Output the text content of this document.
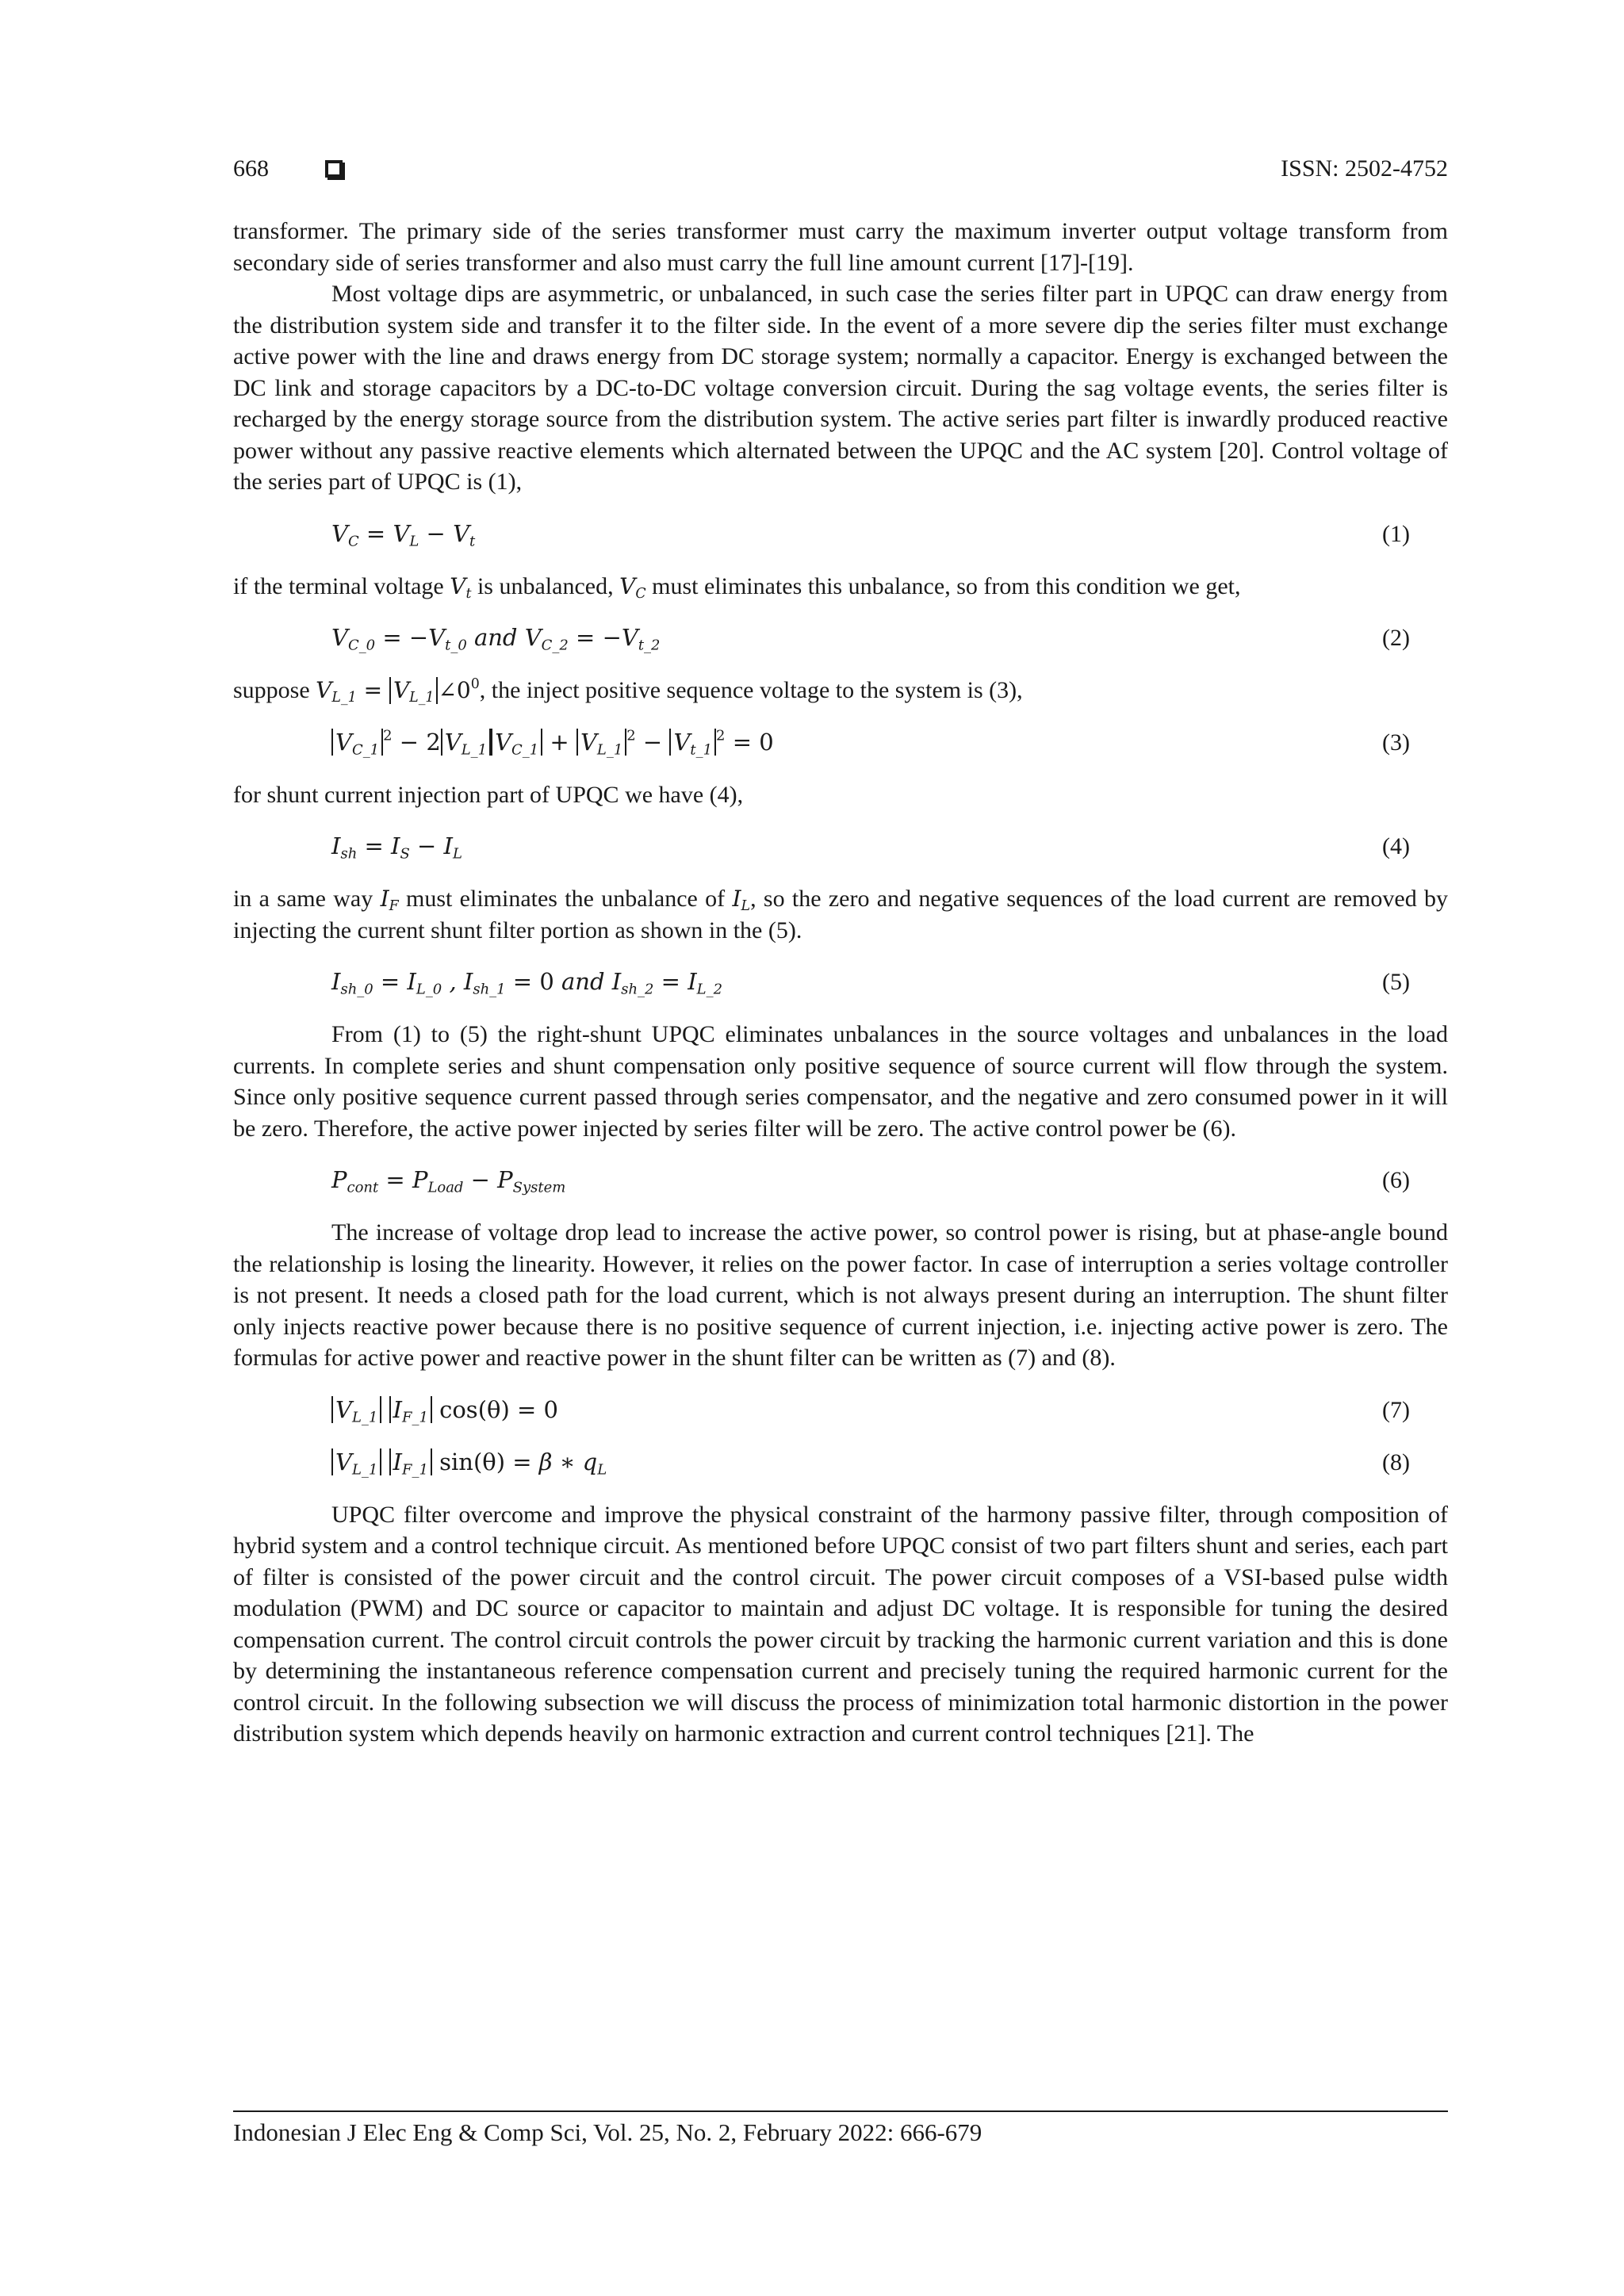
668	ISSN: 2502-4752

transformer. The primary side of the series transformer must carry the maximum inverter output voltage transform from secondary side of series transformer and also must carry the full line amount current [17]-[19].

Most voltage dips are asymmetric, or unbalanced, in such case the series filter part in UPQC can draw energy from the distribution system side and transfer it to the filter side. In the event of a more severe dip the series filter must exchange active power with the line and draws energy from DC storage system; normally a capacitor. Energy is exchanged between the DC link and storage capacitors by a DC-to-DC voltage conversion circuit. During the sag voltage events, the series filter is recharged by the energy storage source from the distribution system. The active series part filter is inwardly produced reactive power without any passive reactive elements which alternated between the UPQC and the AC system [20]. Control voltage of the series part of UPQC is (1),

$V_C = V_L - V_t$	(1)

if the terminal voltage $V_t$ is unbalanced, $V_C$ must eliminates this unbalance, so from this condition we get,

$V_{C\_0} = -V_{t\_0}$ and $V_{C\_2} = -V_{t\_2}$	(2)

suppose $V_{L\_1} = V_{L\_1}$ $\angle 0^0$, the inject positive sequence voltage to the system is (3),

$V_{C\_1}^2 - 2$ $V_{L\_1}$ $V_{C\_1} + V_{L\_1}^2 - V_{t\_1}^2 = 0$	(3)

for shunt current injection part of UPQC we have (4),

$I_{sh} = I_S - I_L$	(4)

in a same way $I_F$ must eliminates the unbalance of $I_L$, so the zero and negative sequences of the load current are removed by injecting the current shunt filter portion as shown in the (5).

$I_{sh\_0} = I_{L\_0}$ , $I_{sh\_1} = 0$ and $I_{sh\_2} = I_{L\_2}$	(5)

From (1) to (5) the right-shunt UPQC eliminates unbalances in the source voltages and unbalances in the load currents. In complete series and shunt compensation only positive sequence of source current will flow through the system. Since only positive sequence current passed through series compensator, and the negative and zero consumed power in it will be zero. Therefore, the active power injected by series filter will be zero. The active control power be (6).

$P_{cont} = P_{Load} - P_{System}$	(6)

The increase of voltage drop lead to increase the active power, so control power is rising, but at phase-angle bound the relationship is losing the linearity. However, it relies on the power factor. In case of interruption a series voltage controller is not present. It needs a closed path for the load current, which is not always present during an interruption. The shunt filter only injects reactive power because there is no positive sequence of current injection, i.e. injecting active power is zero. The formulas for active power and reactive power in the shunt filter can be written as (7) and (8).

$V_{L\_1}$ $I_{F\_1}$ cos(θ) = 0	(7)
$V_{L\_1}$ $I_{F\_1}$ sin(θ) = β ∗ $q_L$	(8)

UPQC filter overcome and improve the physical constraint of the harmony passive filter, through composition of hybrid system and a control technique circuit. As mentioned before UPQC consist of two part filters shunt and series, each part of filter is consisted of the power circuit and the control circuit. The power circuit composes of a VSI-based pulse width modulation (PWM) and DC source or capacitor to maintain and adjust DC voltage. It is responsible for tuning the desired compensation current. The control circuit controls the power circuit by tracking the harmonic current variation and this is done by determining the instantaneous reference compensation current and precisely tuning the required harmonic current for the control circuit. In the following subsection we will discuss the process of minimization total harmonic distortion in the power distribution system which depends heavily on harmonic extraction and current control techniques [21]. The

Indonesian J Elec Eng & Comp Sci, Vol. 25, No. 2, February 2022: 666-679
